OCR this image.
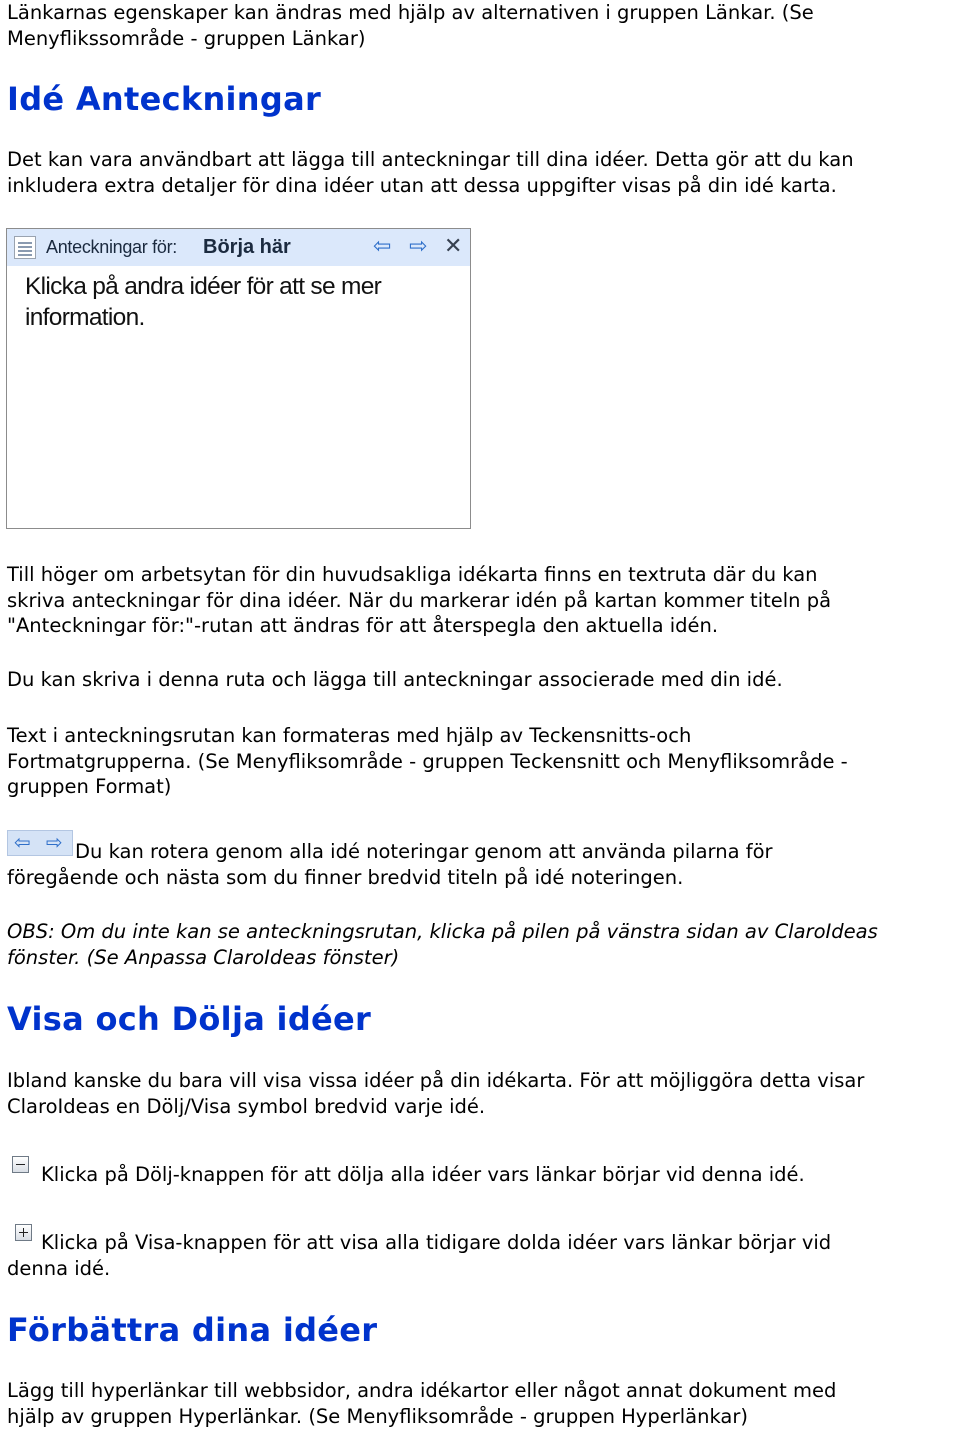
Länkarnas egenskaper kan ändras med hjälp av alternativen i gruppen Länkar. (Se
Menyflikssområde - gruppen Länkar)
Idé Anteckningar
Det kan vara användbart att lägga till anteckningar till dina idéer. Detta gör att du kan
inkludera extra detaljer för dina idéer utan att dessa uppgifter visas på din idé karta.
Anteckningar för: Börja här	⇦ ⇨ ✕
Klicka på andra idéer för att se mer
information.
Till höger om arbetsytan för din huvudsakliga idékarta finns en textruta där du kan
skriva anteckningar för dina idéer. När du markerar idén på kartan kommer titeln på
"Anteckningar för:"-rutan att ändras för att återspegla den aktuella idén.
Du kan skriva i denna ruta och lägga till anteckningar associerade med din idé.
Text i anteckningsrutan kan formateras med hjälp av Teckensnitts-och
Fortmatgrupperna. (Se Menyfliksområde - gruppen Teckensnitt och Menyfliksområde -
gruppen Format)
⇦ ⇨ Du kan rotera genom alla idé noteringar genom att använda pilarna för
föregående och nästa som du finner bredvid titeln på idé noteringen.
OBS: Om du inte kan se anteckningsrutan, klicka på pilen på vänstra sidan av ClaroIdeas
fönster. (Se Anpassa ClaroIdeas fönster)
Visa och Dölja idéer
Ibland kanske du bara vill visa vissa idéer på din idékarta. För att möjliggöra detta visar
ClaroIdeas en Dölj/Visa symbol bredvid varje idé.
Klicka på Dölj-knappen för att dölja alla idéer vars länkar börjar vid denna idé.
Klicka på Visa-knappen för att visa alla tidigare dolda idéer vars länkar börjar vid
denna idé.
Förbättra dina idéer
Lägg till hyperlänkar till webbsidor, andra idékartor eller något annat dokument med
hjälp av gruppen Hyperlänkar. (Se Menyfliksområde - gruppen Hyperlänkar)
